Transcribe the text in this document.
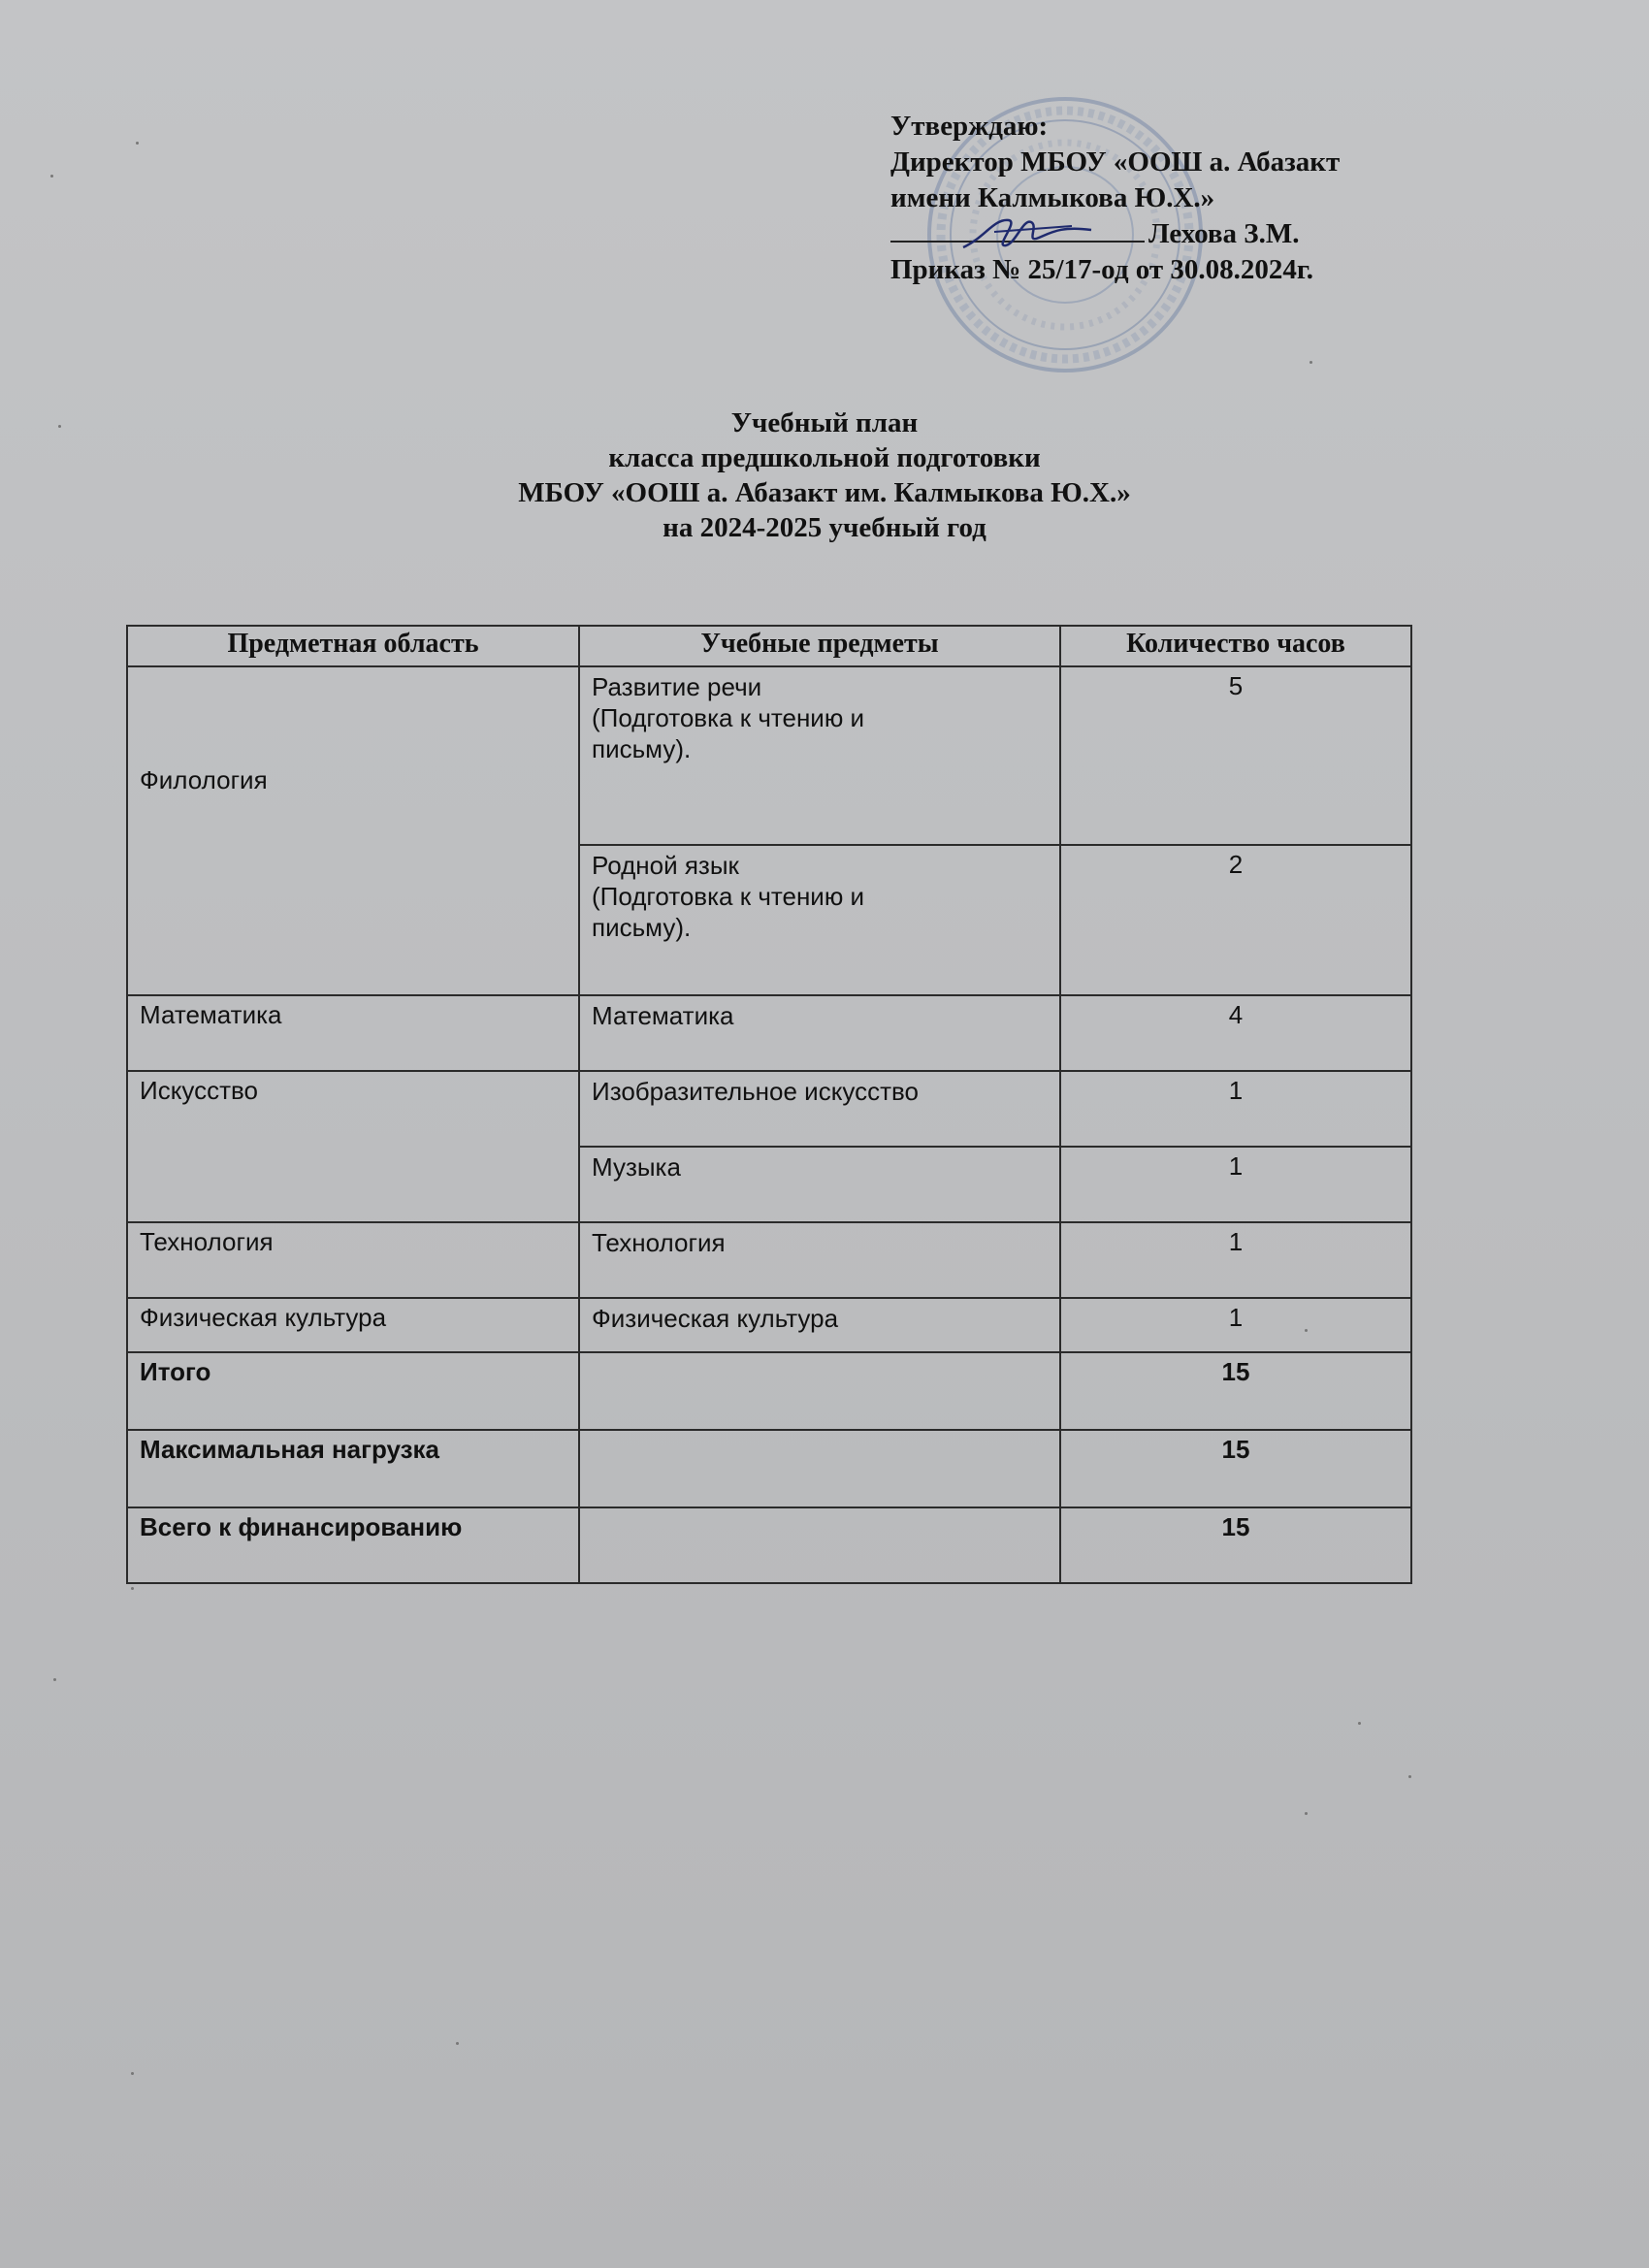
Утверждаю:
Директор МБОУ «ООШ а. Абазакт
имени Калмыкова Ю.Х.»
Лехова З.М.
Приказ № 25/17-од от 30.08.2024г.
Учебный план
класса предшкольной подготовки
МБОУ «ООШ а. Абазакт им. Калмыкова Ю.Х.»
на 2024-2025 учебный год
Предметная область	Учебные предметы	Количество часов
Филология	Развитие речи
(Подготовка к чтению и
письму).	5

	Родной язык
(Подготовка к чтению и
письму).	2
Математика	Математика	4
Искусство	Изобразительное искусство	1
	Музыка	1
Технология	Технология	1
Физическая культура	Физическая культура	1
Итого		15
Максимальная нагрузка		15
Всего к финансированию		15
